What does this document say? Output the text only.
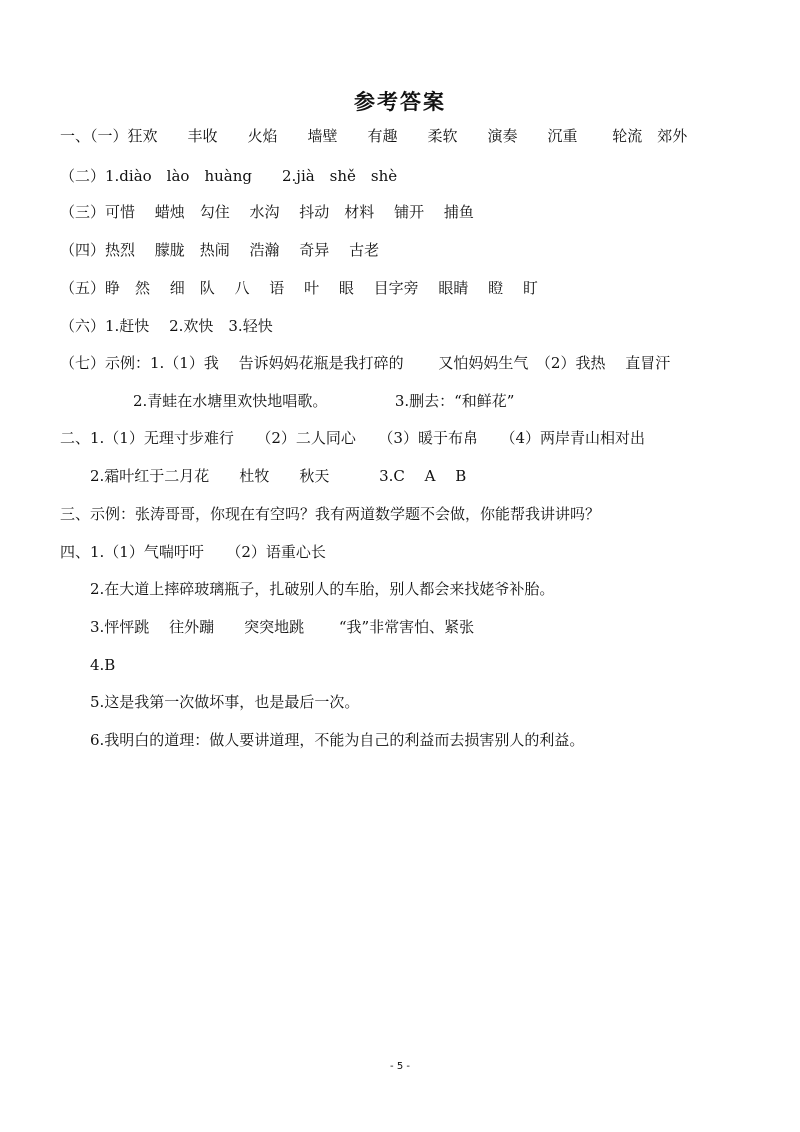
参考答案
一、（一）狂欢　　丰收　　火焰　　墙壁　　有趣　　柔软　　演奏　　沉重　　 轮流　郊外
（二）1.diào　lào　huàng　　2.jià　shě　shè
（三）可惜　 蜡烛　勾住　 水沟　 抖动　材料　 铺开　 捕鱼
（四）热烈　 朦胧　热闹　 浩瀚　 奇异　 古老
（五）睁　然　 细　队　 八　 语　 叶　 眼　 目字旁　 眼睛　 瞪　 盯
（六）1.赶快　 2.欢快　3.轻快
（七）示例：1.（1）我　 告诉妈妈花瓶是我打碎的　　 又怕妈妈生气　（2）我热　 直冒汗
2.青蛙在水塘里欢快地唱歌。　　　　　3.删去：“和鲜花”
二、1.（1）无理寸步难行　　（2）二人同心　　（3）暖于布帛　　（4）两岸青山相对出
2.霜叶红于二月花　　杜牧　　秋天　　　 3.C　 A　 B
三、示例：张涛哥哥，你现在有空吗？我有两道数学题不会做，你能帮我讲讲吗？
四、1.（1）气喘吁吁　　（2）语重心长
2.在大道上摔碎玻璃瓶子，扎破别人的车胎，别人都会来找姥爷补胎。
3.怦怦跳　 往外蹦　　突突地跳　　 “我”非常害怕、紧张
4.B
5.这是我第一次做坏事，也是最后一次。
6.我明白的道理：做人要讲道理，不能为自己的利益而去损害别人的利益。
- 5 -
